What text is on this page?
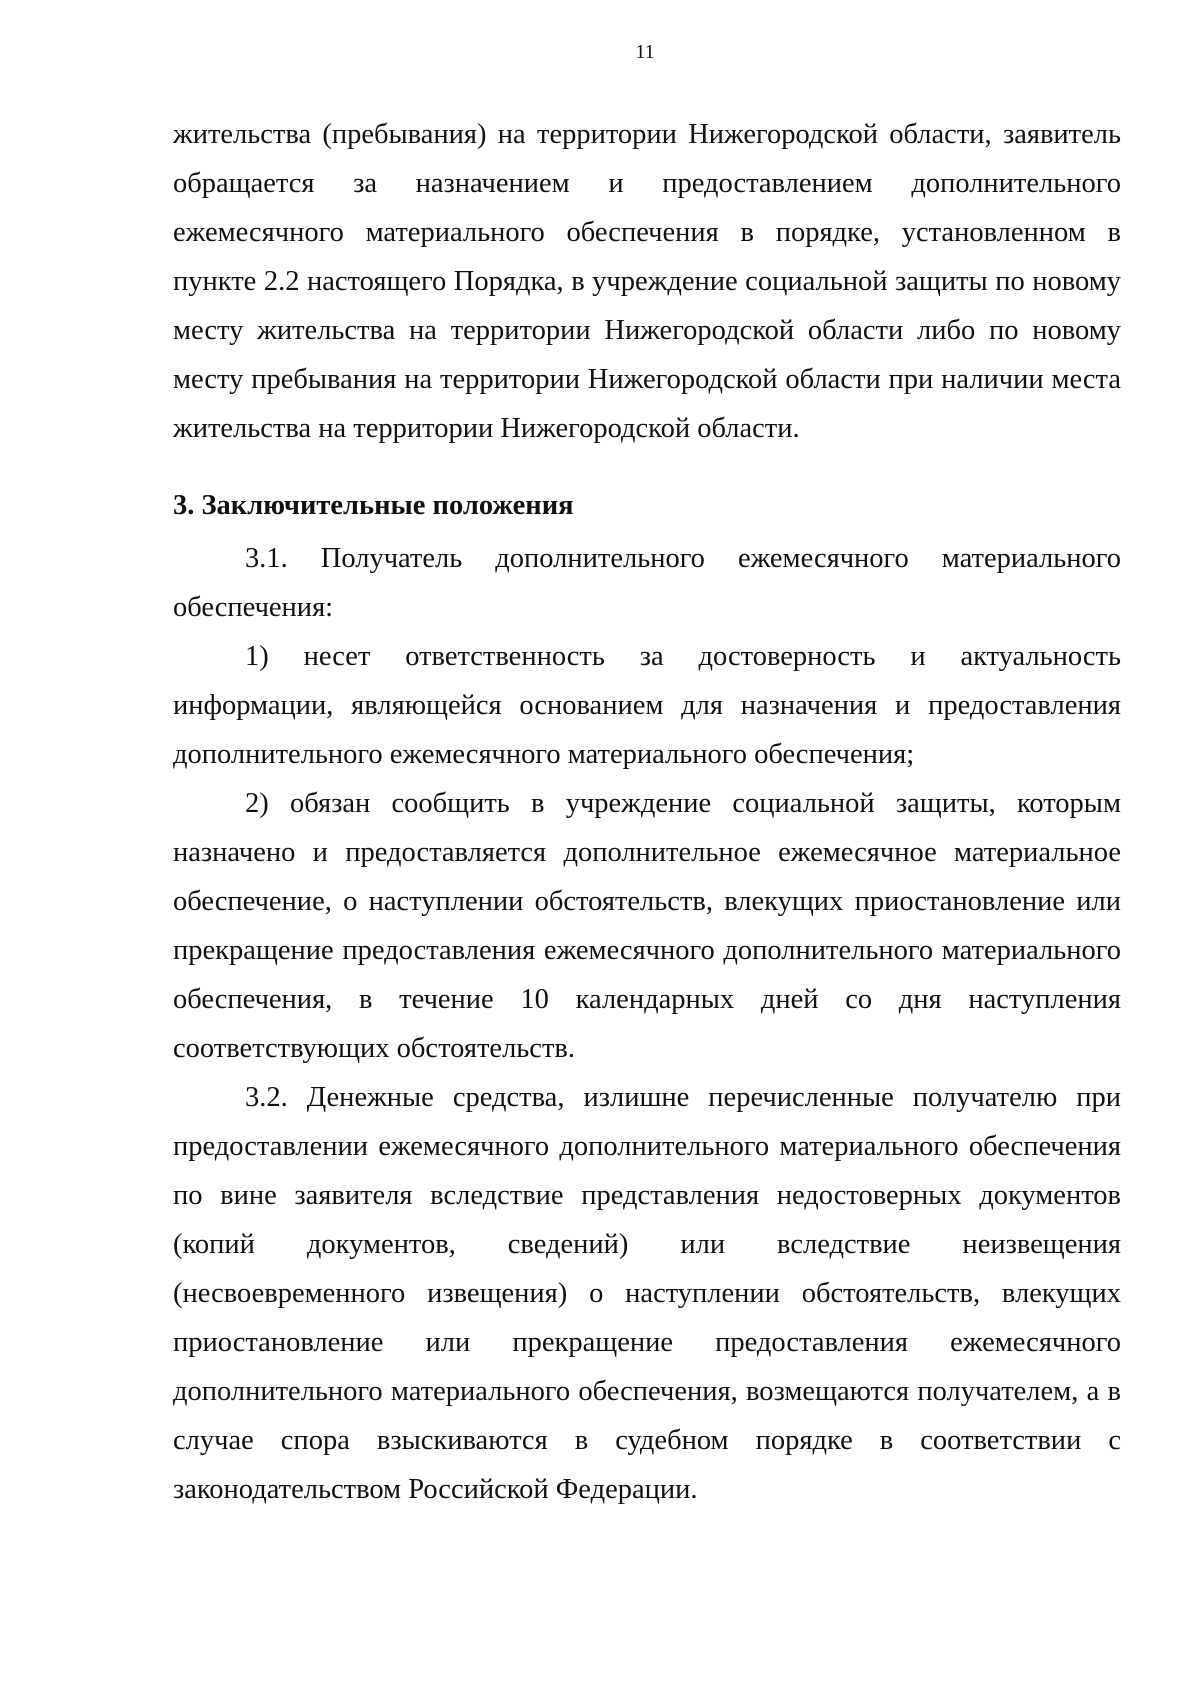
11

жительства (пребывания) на территории Нижегородской области, заявитель обращается за назначением и предоставлением дополнительного ежемесячного материального обеспечения в порядке, установленном в пункте 2.2 настоящего Порядка, в учреждение социальной защиты по новому месту жительства на территории Нижегородской области либо по новому месту пребывания на территории Нижегородской области при наличии места жительства на территории Нижегородской области.

3. Заключительные положения

3.1. Получатель дополнительного ежемесячного материального обеспечения:

1) несет ответственность за достоверность и актуальность информации, являющейся основанием для назначения и предоставления дополнительного ежемесячного материального обеспечения;

2) обязан сообщить в учреждение социальной защиты, которым назначено и предоставляется дополнительное ежемесячное материальное обеспечение, о наступлении обстоятельств, влекущих приостановление или прекращение предоставления ежемесячного дополнительного материального обеспечения, в течение 10 календарных дней со дня наступления соответствующих обстоятельств.

3.2. Денежные средства, излишне перечисленные получателю при предоставлении ежемесячного дополнительного материального обеспечения по вине заявителя вследствие представления недостоверных документов (копий документов, сведений) или вследствие неизвещения (несвоевременного извещения) о наступлении обстоятельств, влекущих приостановление или прекращение предоставления ежемесячного дополнительного материального обеспечения, возмещаются получателем, а в случае спора взыскиваются в судебном порядке в соответствии с законодательством Российской Федерации.
